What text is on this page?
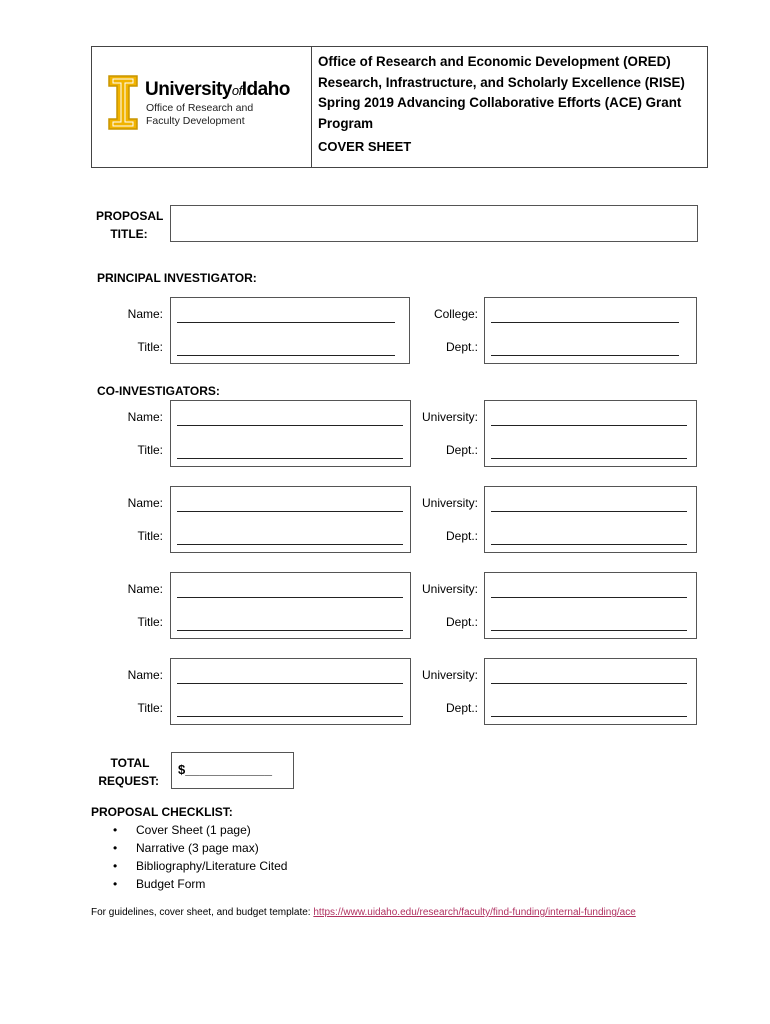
UniversityofIdaho
Office of Research and
Faculty Development
Office of Research and Economic Development (ORED)
Research, Infrastructure, and Scholarly Excellence (RISE)
Spring 2019 Advancing Collaborative Efforts (ACE) Grant
Program
COVER SHEET
PROPOSAL
TITLE:
PRINCIPAL INVESTIGATOR:
Name:
Title:
College:
Dept.:
CO-INVESTIGATORS:
Name:
Title:
University:
Dept.:
Name:
Title:
University:
Dept.:
Name:
Title:
University:
Dept.:
Name:
Title:
University:
Dept.:
TOTAL
REQUEST:
$____________
PROPOSAL CHECKLIST:
• Cover Sheet (1 page)
• Narrative (3 page max)
• Bibliography/Literature Cited
• Budget Form
For guidelines, cover sheet, and budget template: https://www.uidaho.edu/research/faculty/find-funding/internal-funding/ace
